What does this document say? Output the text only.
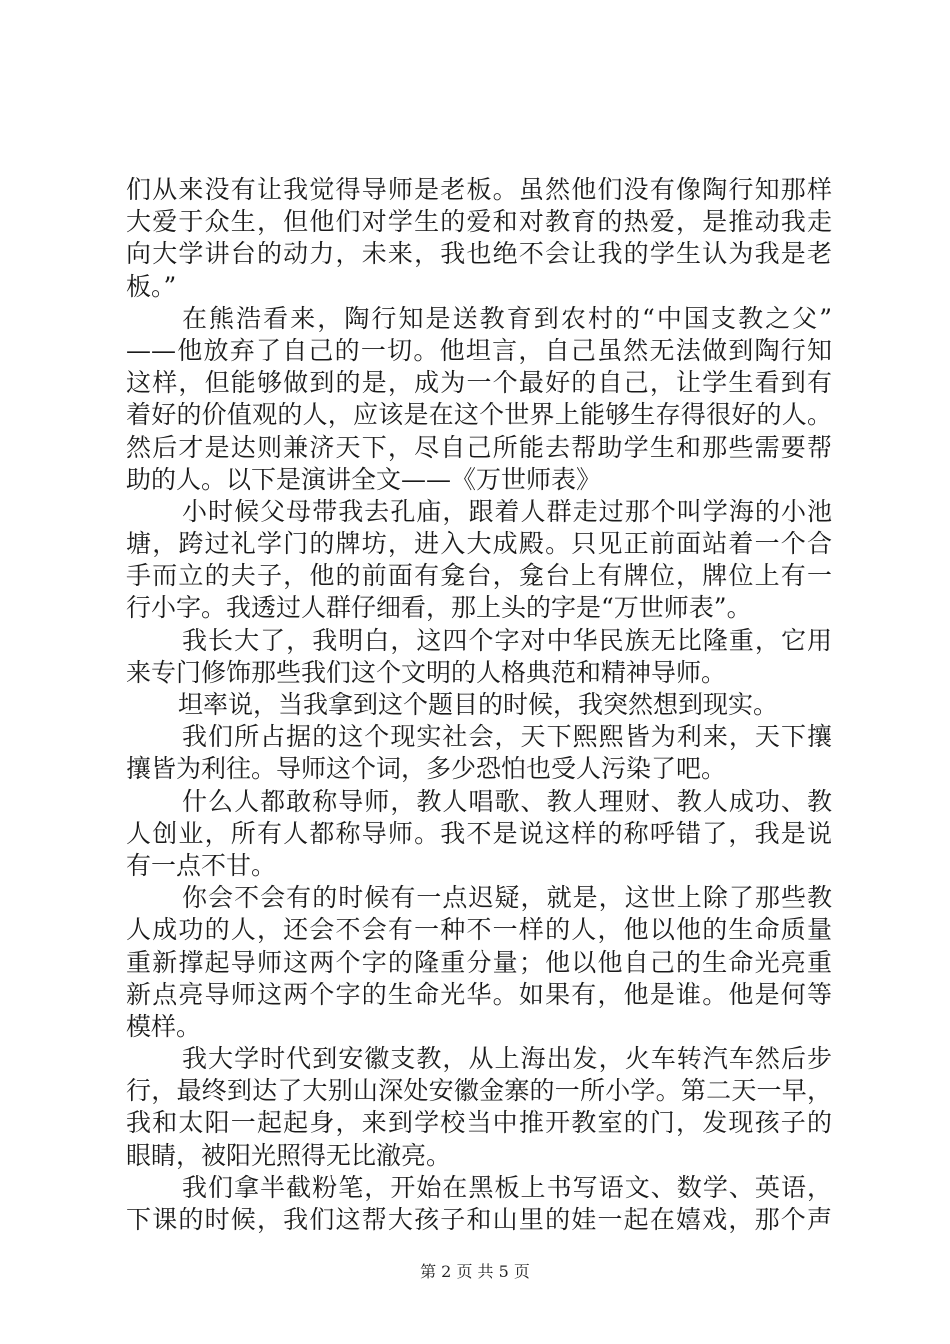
们从来没有让我觉得导师是老板。虽然他们没有像陶行知那样
大爱于众生，但他们对学生的爱和对教育的热爱，是推动我走
向大学讲台的动力，未来，我也绝不会让我的学生认为我是老
板。”
在熊浩看来，陶行知是送教育到农村的“中国支教之父”
——他放弃了自己的一切。他坦言，自己虽然无法做到陶行知
这样，但能够做到的是，成为一个最好的自己，让学生看到有
着好的价值观的人，应该是在这个世界上能够生存得很好的人。
然后才是达则兼济天下，尽自己所能去帮助学生和那些需要帮
助的人。以下是演讲全文——《万世师表》
小时候父母带我去孔庙，跟着人群走过那个叫学海的小池
塘，跨过礼学门的牌坊，进入大成殿。只见正前面站着一个合
手而立的夫子，他的前面有龛台，龛台上有牌位，牌位上有一
行小字。我透过人群仔细看，那上头的字是“万世师表”。
我长大了，我明白，这四个字对中华民族无比隆重，它用
来专门修饰那些我们这个文明的人格典范和精神导师。
坦率说，当我拿到这个题目的时候，我突然想到现实。
我们所占据的这个现实社会，天下熙熙皆为利来，天下攘
攘皆为利往。导师这个词，多少恐怕也受人污染了吧。
什么人都敢称导师，教人唱歌、教人理财、教人成功、教
人创业，所有人都称导师。我不是说这样的称呼错了，我是说
有一点不甘。
你会不会有的时候有一点迟疑，就是，这世上除了那些教
人成功的人，还会不会有一种不一样的人，他以他的生命质量
重新撑起导师这两个字的隆重分量；他以他自己的生命光亮重
新点亮导师这两个字的生命光华。如果有，他是谁。他是何等
模样。
我大学时代到安徽支教，从上海出发，火车转汽车然后步
行，最终到达了大别山深处安徽金寨的一所小学。第二天一早，
我和太阳一起起身，来到学校当中推开教室的门，发现孩子的
眼睛，被阳光照得无比澈亮。
我们拿半截粉笔，开始在黑板上书写语文、数学、英语，
下课的时候，我们这帮大孩子和山里的娃一起在嬉戏，那个声
第 2 页 共 5 页
